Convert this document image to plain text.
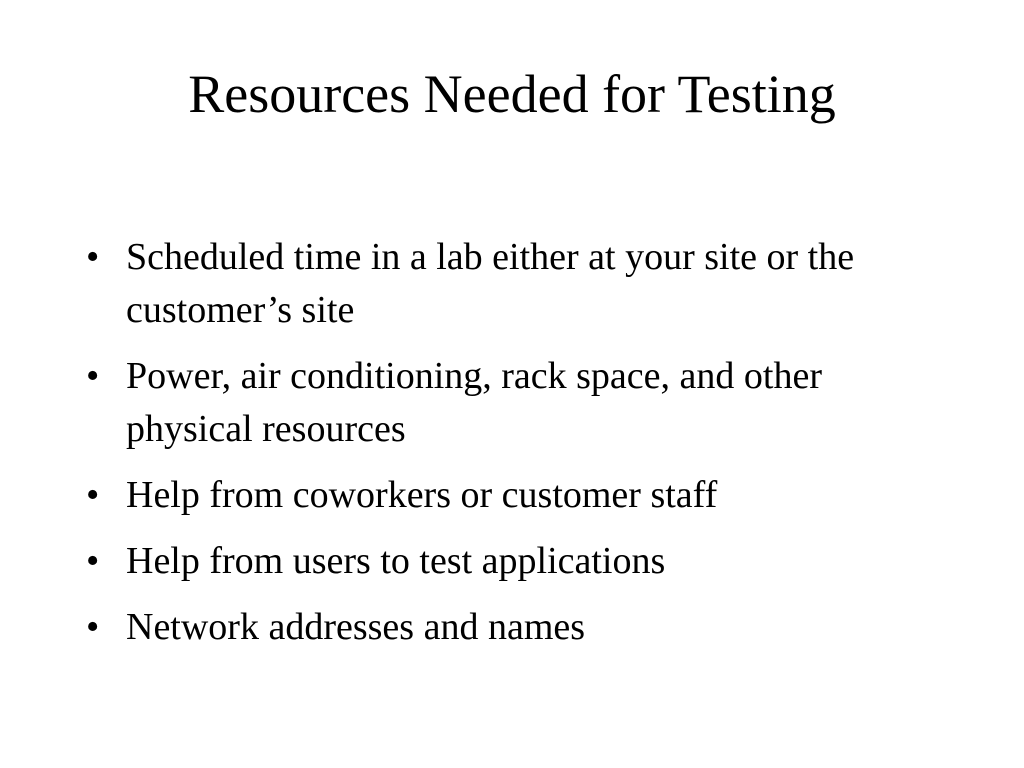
Resources Needed for Testing
• Scheduled time in a lab either at your site or the customer’s site
• Power, air conditioning, rack space, and other physical resources
• Help from coworkers or customer staff
• Help from users to test applications
• Network addresses and names
